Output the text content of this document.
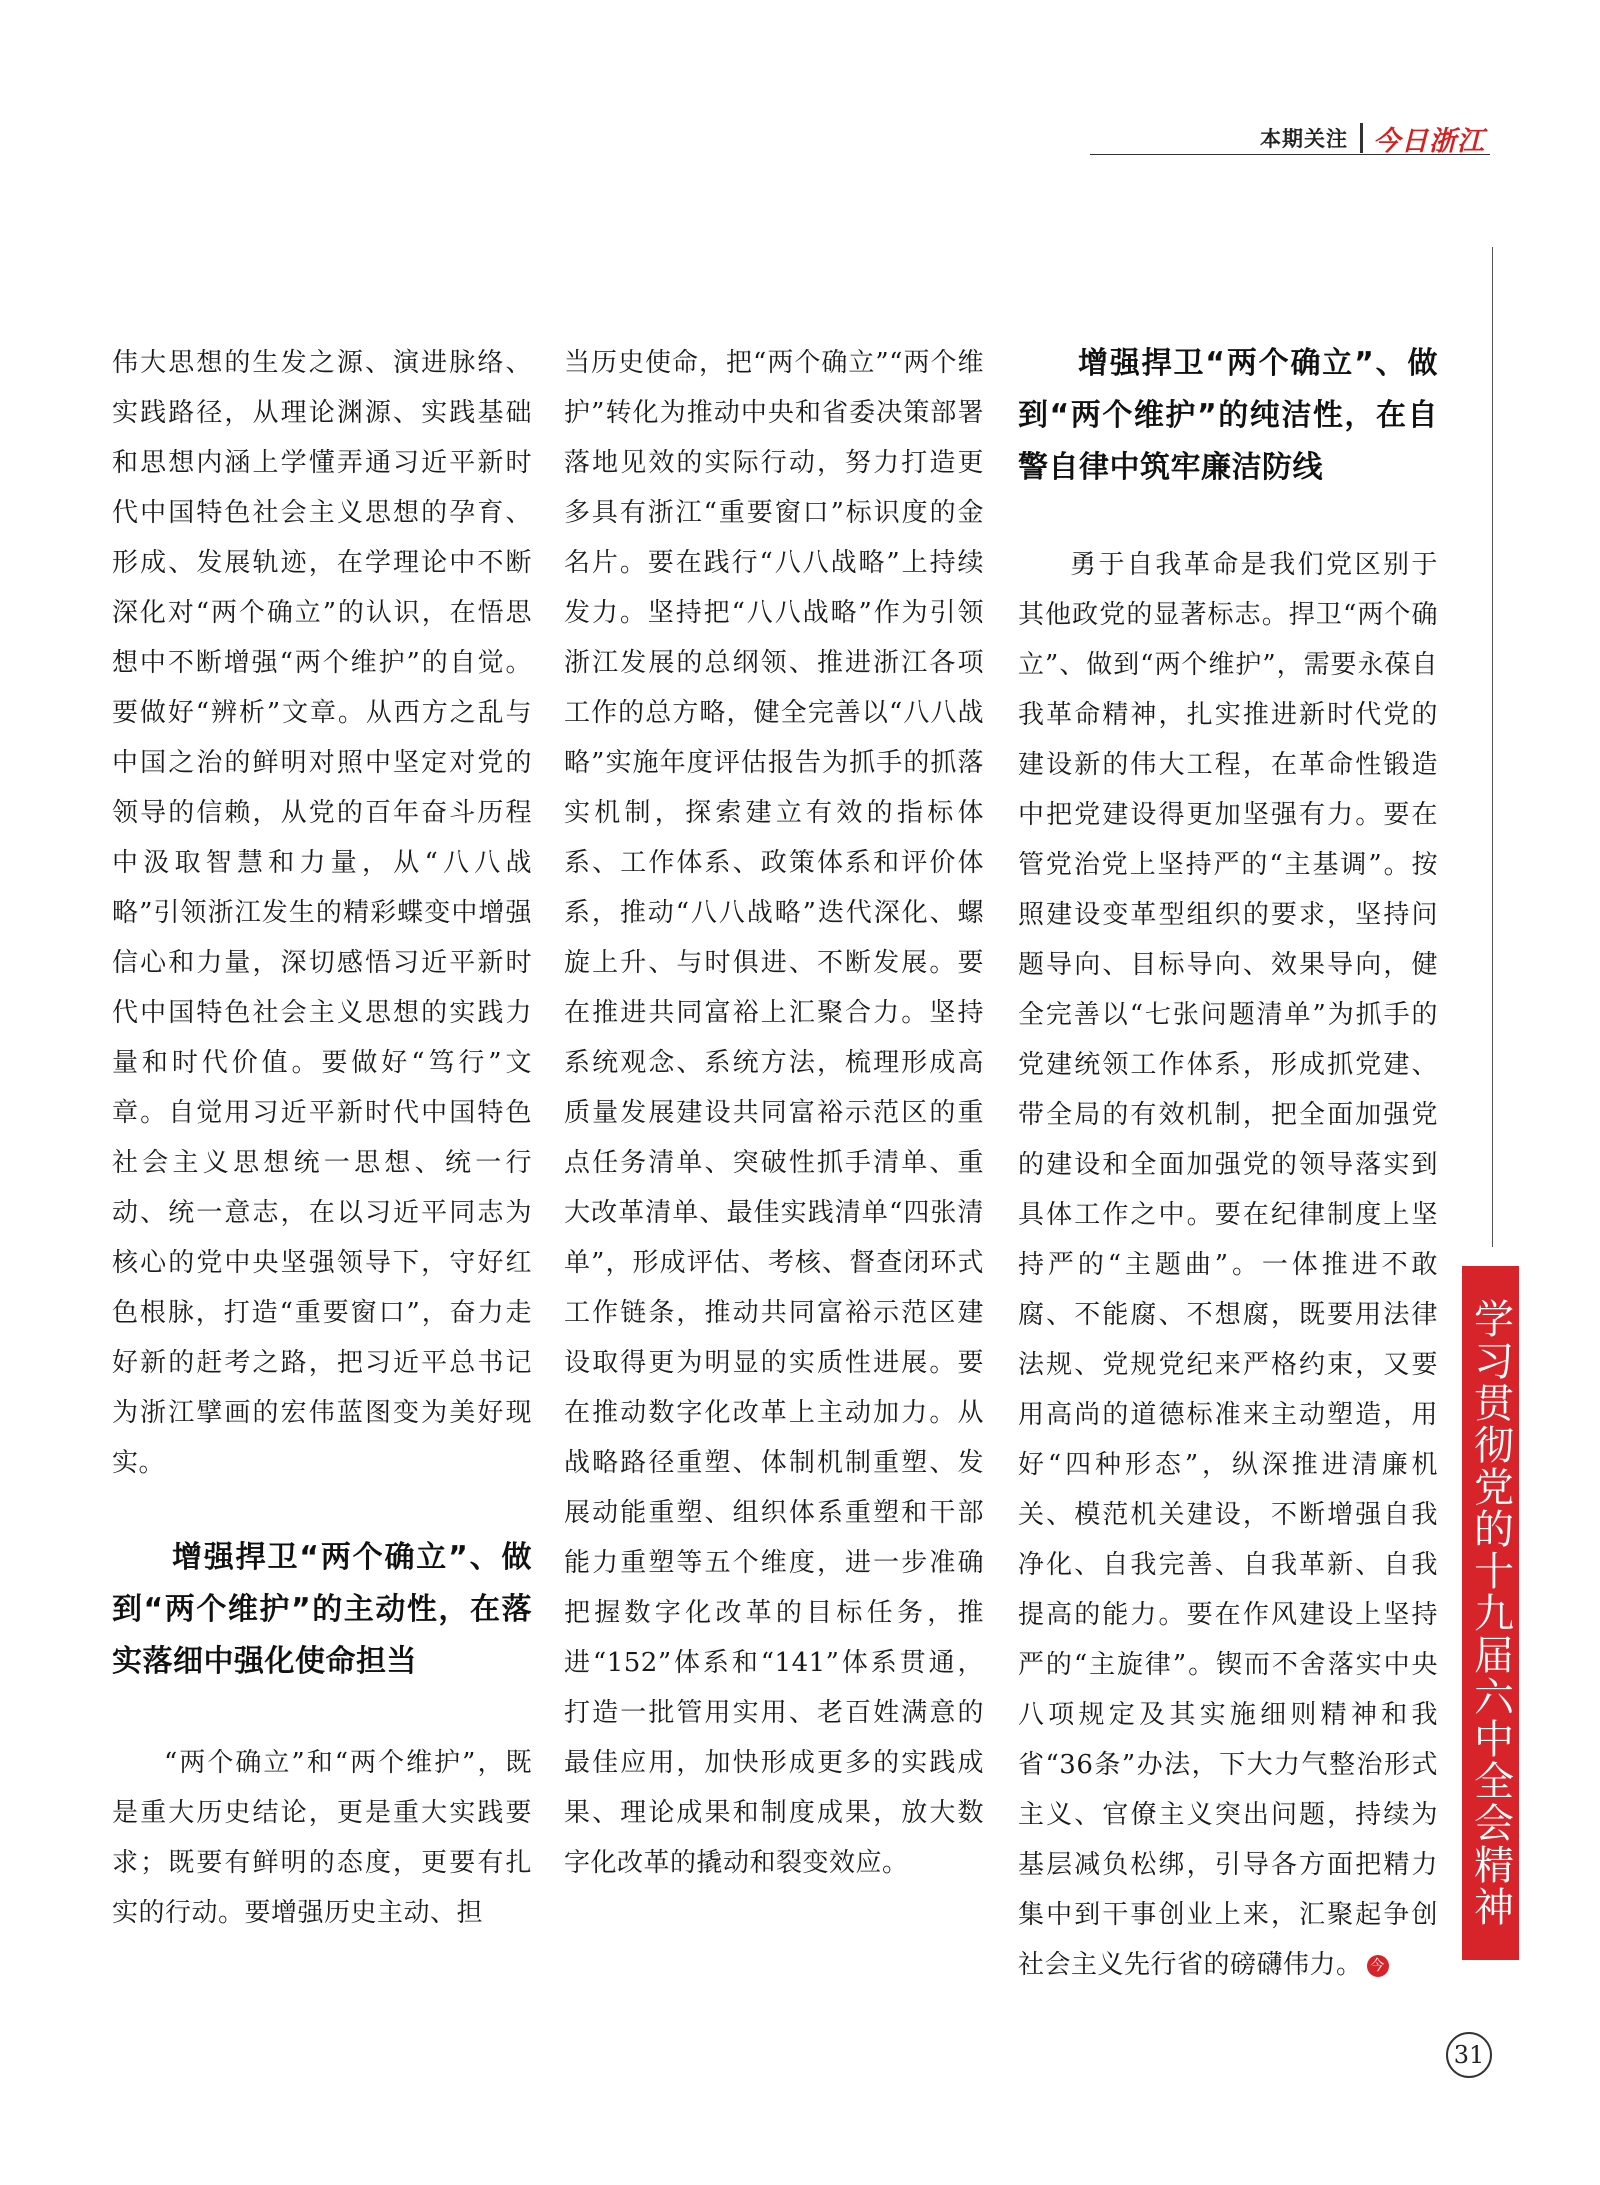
本期关注 今日浙江
学习贯彻党的十九届六中全会精神

伟大思想的生发之源、演进脉络、实践路径，从理论渊源、实践基础和思想内涵上学懂弄通习近平新时代中国特色社会主义思想的孕育、形成、发展轨迹，在学理论中不断深化对“两个确立”的认识，在悟思想中不断增强“两个维护”的自觉。要做好“辨析”文章。从西方之乱与中国之治的鲜明对照中坚定对党的领导的信赖，从党的百年奋斗历程中汲取智慧和力量，从“八八战略”引领浙江发生的精彩蝶变中增强信心和力量，深切感悟习近平新时代中国特色社会主义思想的实践力量和时代价值。要做好“笃行”文章。自觉用习近平新时代中国特色社会主义思想统一思想、统一行动、统一意志，在以习近平同志为核心的党中央坚强领导下，守好红色根脉，打造“重要窗口”，奋力走好新的赶考之路，把习近平总书记为浙江擘画的宏伟蓝图变为美好现实。

增强捍卫“两个确立”、做到“两个维护”的主动性，在落实落细中强化使命担当

“两个确立”和“两个维护”，既是重大历史结论，更是重大实践要求；既要有鲜明的态度，更要有扎实的行动。要增强历史主动、担

当历史使命，把“两个确立”“两个维护”转化为推动中央和省委决策部署落地见效的实际行动，努力打造更多具有浙江“重要窗口”标识度的金名片。要在践行“八八战略”上持续发力。坚持把“八八战略”作为引领浙江发展的总纲领、推进浙江各项工作的总方略，健全完善以“八八战略”实施年度评估报告为抓手的抓落实机制，探索建立有效的指标体系、工作体系、政策体系和评价体系，推动“八八战略”迭代深化、螺旋上升、与时俱进、不断发展。要在推进共同富裕上汇聚合力。坚持系统观念、系统方法，梳理形成高质量发展建设共同富裕示范区的重点任务清单、突破性抓手清单、重大改革清单、最佳实践清单“四张清单”，形成评估、考核、督查闭环式工作链条，推动共同富裕示范区建设取得更为明显的实质性进展。要在推动数字化改革上主动加力。从战略路径重塑、体制机制重塑、发展动能重塑、组织体系重塑和干部能力重塑等五个维度，进一步准确把握数字化改革的目标任务，推进“152”体系和“141”体系贯通，打造一批管用实用、老百姓满意的最佳应用，加快形成更多的实践成果、理论成果和制度成果，放大数字化改革的撬动和裂变效应。

增强捍卫“两个确立”、做到“两个维护”的纯洁性，在自警自律中筑牢廉洁防线

勇于自我革命是我们党区别于其他政党的显著标志。捍卫“两个确立”、做到“两个维护”，需要永葆自我革命精神，扎实推进新时代党的建设新的伟大工程，在革命性锻造中把党建设得更加坚强有力。要在管党治党上坚持严的“主基调”。按照建设变革型组织的要求，坚持问题导向、目标导向、效果导向，健全完善以“七张问题清单”为抓手的党建统领工作体系，形成抓党建、带全局的有效机制，把全面加强党的建设和全面加强党的领导落实到具体工作之中。要在纪律制度上坚持严的“主题曲”。一体推进不敢腐、不能腐、不想腐，既要用法律法规、党规党纪来严格约束，又要用高尚的道德标准来主动塑造，用好“四种形态”，纵深推进清廉机关、模范机关建设，不断增强自我净化、自我完善、自我革新、自我提高的能力。要在作风建设上坚持严的“主旋律”。锲而不舍落实中央八项规定及其实施细则精神和我省“36条”办法，下大力气整治形式主义、官僚主义突出问题，持续为基层减负松绑，引导各方面把精力集中到干事创业上来，汇聚起争创社会主义先行省的磅礴伟力。 今

31
